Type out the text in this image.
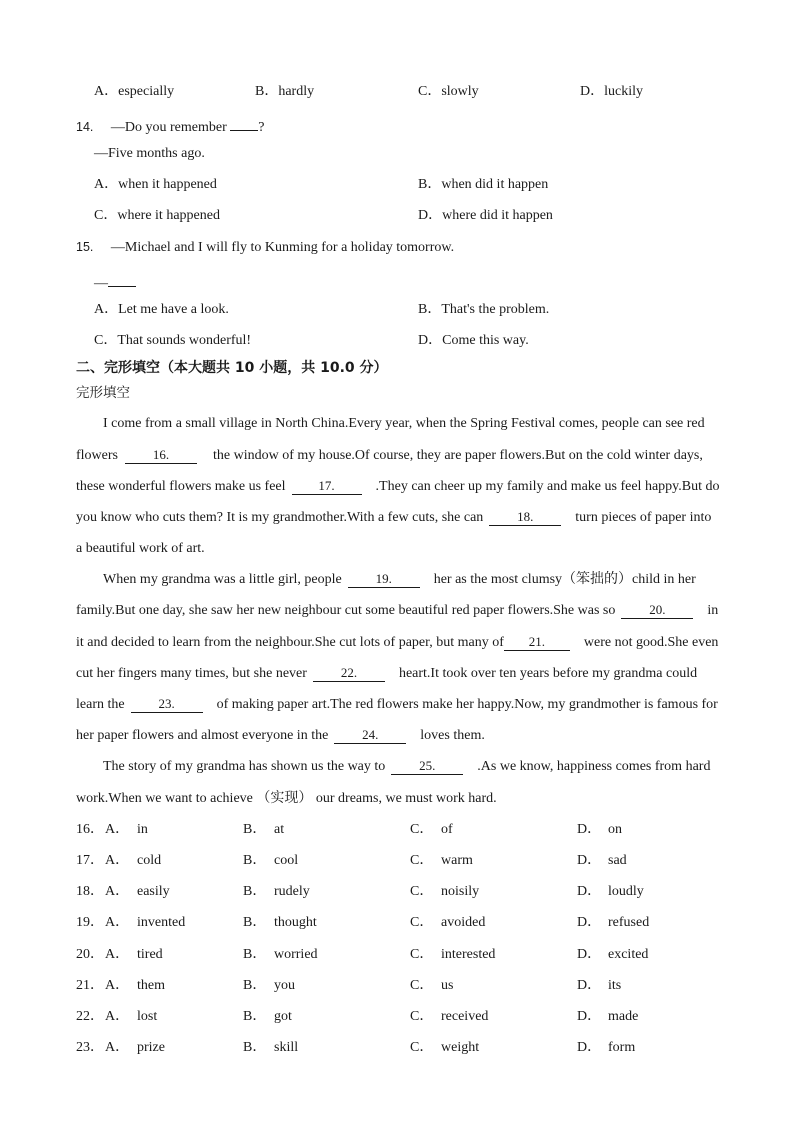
A．especially	B．hardly	C．slowly	D．luckily
14. —Do you remember ?
—Five months ago.
A．when it happened	B．when did it happen
C．where it happened	D．where did it happen
15. —Michael and I will fly to Kunming for a holiday tomorrow.
—
A．Let me have a look.	B．That's the problem.
C．That sounds wonderful!	D．Come this way.
二、完形填空（本大题共 10 小题，共 10.0 分）
完形填空
I come from a small village in North China.Every year, when the Spring Festival comes, people can see red
flowers	16.	the window of my house.Of course, they are paper flowers.But on the cold winter days,
these wonderful flowers make us feel	17.	.They can cheer up my family and make us feel happy.But do
you know who cuts them? It is my grandmother.With a few cuts, she can	18.	turn pieces of paper into
a beautiful work of art.
When my grandma was a little girl, people	19.	her as the most clumsy（笨拙的）child in her
family.But one day, she saw her new neighbour cut some beautiful red paper flowers.She was so	20.	in
it and decided to learn from the neighbour.She cut lots of paper, but many of 21.	were not good.She even
cut her fingers many times, but she never	22.	heart.It took over ten years before my grandma could
learn the	23.	of making paper art.The red flowers make her happy.Now, my grandmother is famous for
her paper flowers and almost everyone in the	24.	loves them.
The story of my grandma has shown us the way to	25.	.As we know, happiness comes from hard
work.When we want to achieve （实现） our dreams, we must work hard.
16． A． in	B． at	C． of	D． on
17． A． cold	B． cool	C． warm	D． sad
18． A． easily	B． rudely	C． noisily	D． loudly
19． A． invented	B． thought	C． avoided	D． refused
20． A． tired	B． worried	C． interested	D． excited
21． A． them	B． you	C． us	D． its
22． A． lost	B． got	C． received	D． made
23． A． prize	B． skill	C． weight	D． form
